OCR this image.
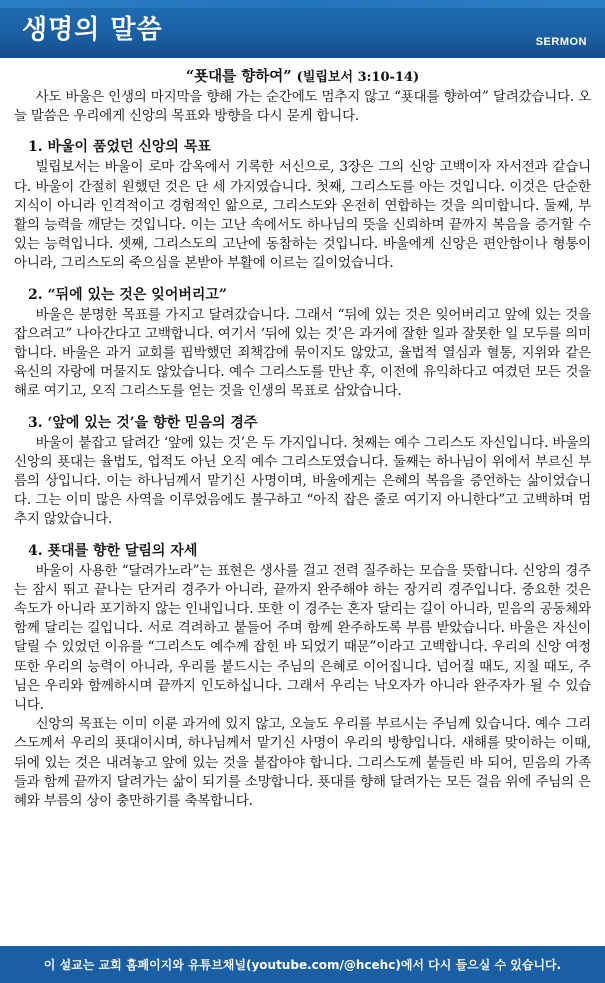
생명의 말씀	SERMON
“푯대를 향하여” (빌립보서 3:10-14)

사도 바울은 인생의 마지막을 향해 가는 순간에도 멈추지 않고 “푯대를 향하여” 달려갔습니다. 오늘 말씀은 우리에게 신앙의 목표와 방향을 다시 묻게 합니다.

1. 바울이 품었던 신앙의 목표

빌립보서는 바울이 로마 감옥에서 기록한 서신으로, 3장은 그의 신앙 고백이자 자서전과 같습니다. 바울이 간절히 원했던 것은 단 세 가지였습니다. 첫째, 그리스도를 아는 것입니다. 이것은 단순한 지식이 아니라 인격적이고 경험적인 앎으로, 그리스도와 온전히 연합하는 것을 의미합니다. 둘째, 부활의 능력을 깨닫는 것입니다. 이는 고난 속에서도 하나님의 뜻을 신뢰하며 끝까지 복음을 증거할 수 있는 능력입니다. 셋째, 그리스도의 고난에 동참하는 것입니다. 바울에게 신앙은 편안함이나 형통이 아니라, 그리스도의 죽으심을 본받아 부활에 이르는 길이었습니다.

2. “뒤에 있는 것은 잊어버리고”

바울은 분명한 목표를 가지고 달려갔습니다. 그래서 “뒤에 있는 것은 잊어버리고 앞에 있는 것을 잡으려고” 나아간다고 고백합니다. 여기서 ‘뒤에 있는 것’은 과거에 잘한 일과 잘못한 일 모두를 의미합니다. 바울은 과거 교회를 핍박했던 죄책감에 묶이지도 않았고, 율법적 열심과 혈통, 지위와 같은 육신의 자랑에 머물지도 않았습니다. 예수 그리스도를 만난 후, 이전에 유익하다고 여겼던 모든 것을 해로 여기고, 오직 그리스도를 얻는 것을 인생의 목표로 삼았습니다.

3. ‘앞에 있는 것’을 향한 믿음의 경주

바울이 붙잡고 달려간 ‘앞에 있는 것’은 두 가지입니다. 첫째는 예수 그리스도 자신입니다. 바울의 신앙의 푯대는 율법도, 업적도 아닌 오직 예수 그리스도였습니다. 둘째는 하나님이 위에서 부르신 부름의 상입니다. 이는 하나님께서 맡기신 사명이며, 바울에게는 은혜의 복음을 증언하는 삶이었습니다. 그는 이미 많은 사역을 이루었음에도 불구하고 “아직 잡은 줄로 여기지 아니한다”고 고백하며 멈추지 않았습니다.

4. 푯대를 향한 달림의 자세

바울이 사용한 “달려가노라”는 표현은 생사를 걸고 전력 질주하는 모습을 뜻합니다. 신앙의 경주는 잠시 뛰고 끝나는 단거리 경주가 아니라, 끝까지 완주해야 하는 장거리 경주입니다. 중요한 것은 속도가 아니라 포기하지 않는 인내입니다. 또한 이 경주는 혼자 달리는 길이 아니라, 믿음의 공동체와 함께 달리는 길입니다. 서로 격려하고 붙들어 주며 함께 완주하도록 부름 받았습니다. 바울은 자신이 달릴 수 있었던 이유를 “그리스도 예수께 잡힌 바 되었기 때문”이라고 고백합니다. 우리의 신앙 여정 또한 우리의 능력이 아니라, 우리를 붙드시는 주님의 은혜로 이어집니다. 넘어질 때도, 지칠 때도, 주님은 우리와 함께하시며 끝까지 인도하십니다. 그래서 우리는 낙오자가 아니라 완주자가 될 수 있습니다.

신앙의 목표는 이미 이룬 과거에 있지 않고, 오늘도 우리를 부르시는 주님께 있습니다. 예수 그리스도께서 우리의 푯대이시며, 하나님께서 맡기신 사명이 우리의 방향입니다. 새해를 맞이하는 이때, 뒤에 있는 것은 내려놓고 앞에 있는 것을 붙잡아야 합니다. 그리스도께 붙들린 바 되어, 믿음의 가족들과 함께 끝까지 달려가는 삶이 되기를 소망합니다. 푯대를 향해 달려가는 모든 걸음 위에 주님의 은혜와 부름의 상이 충만하기를 축복합니다.

이 설교는 교회 홈페이지와 유튜브채널(youtube.com/@hcehc)에서 다시 들으실 수 있습니다.
